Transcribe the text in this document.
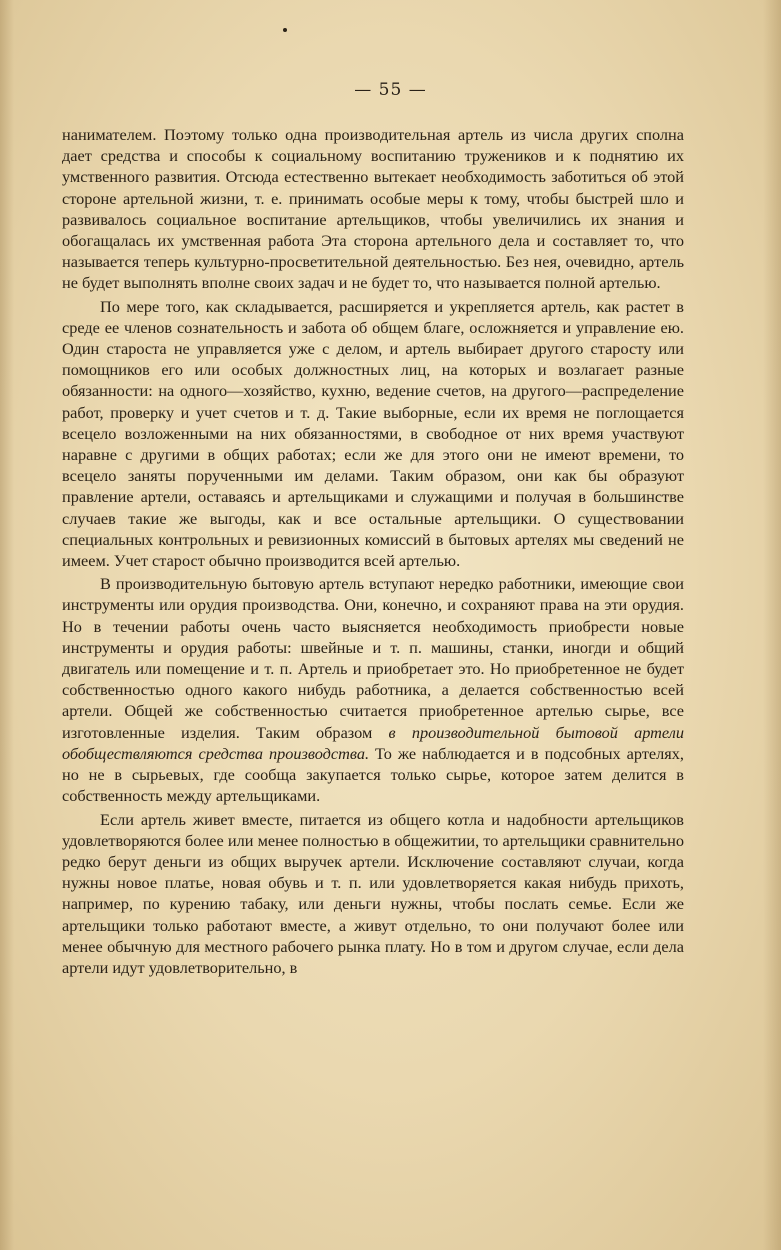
— 55 —

нанимателем. Поэтому только одна производительная артель из числа других сполна дает средства и способы к социальному воспитанию тружеников и к поднятию их умственного развития. Отсюда естественно вытекает необходимость заботиться об этой стороне артельной жизни, т. е. принимать особые меры к тому, чтобы быстрей шло и развивалось социальное воспитание артельщиков, чтобы увеличились их знания и обогащалась их умственная работа Эта сторона артельного дела и составляет то, что называется теперь культурно-просветительной деятельностью. Без нея, очевидно, артель не будет выполнять вполне своих задач и не будет то, что называется полной артелью.

По мере того, как складывается, расширяется и укрепляется артель, как растет в среде ее членов сознательность и забота об общем благе, осложняется и управление ею. Один староста не управляется уже с делом, и артель выбирает другого старосту или помощников его или особых должностных лиц, на которых и возлагает разные обязанности: на одного—хозяйство, кухню, ведение счетов, на другого—распределение работ, проверку и учет счетов и т. д. Такие выборные, если их время не поглощается всецело возложенными на них обязанностями, в свободное от них время участвуют наравне с другими в общих работах; если же для этого они не имеют времени, то всецело заняты порученными им делами. Таким образом, они как бы образуют правление артели, оставаясь и артельщиками и служащими и получая в большинстве случаев такие же выгоды, как и все остальные артельщики. О существовании специальных контрольных и ревизионных комиссий в бытовых артелях мы сведений не имеем. Учет старост обычно производится всей артелью.

В производительную бытовую артель вступают нередко работники, имеющие свои инструменты или орудия производства. Они, конечно, и сохраняют права на эти орудия. Но в течении работы очень часто выясняется необходимость приобрести новые инструменты и орудия работы: швейные и т. п. машины, станки, иногди и общий двигатель или помещение и т. п. Артель и приобретает это. Но приобретенное не будет собственностью одного какого нибудь работника, а делается собственностью всей артели. Общей же собственностью считается приобретенное артелью сырье, все изготовленные изделия. Таким образом в производительной бытовой артели обобществляются средства производства. То же наблюдается и в подсобных артелях, но не в сырьевых, где сообща закупается только сырье, которое затем делится в собственность между артельщиками.

Если артель живет вместе, питается из общего котла и надобности артельщиков удовлетворяются более или менее полностью в общежитии, то артельщики сравнительно редко берут деньги из общих выручек артели. Исключение составляют случаи, когда нужны новое платье, новая обувь и т. п. или удовлетворяется какая нибудь прихоть, например, по курению табаку, или деньги нужны, чтобы послать семье. Если же артельщики только работают вместе, а живут отдельно, то они получают более или менее обычную для местного рабочего рынка плату. Но в том и другом случае, если дела артели идут удовлетворительно, в
